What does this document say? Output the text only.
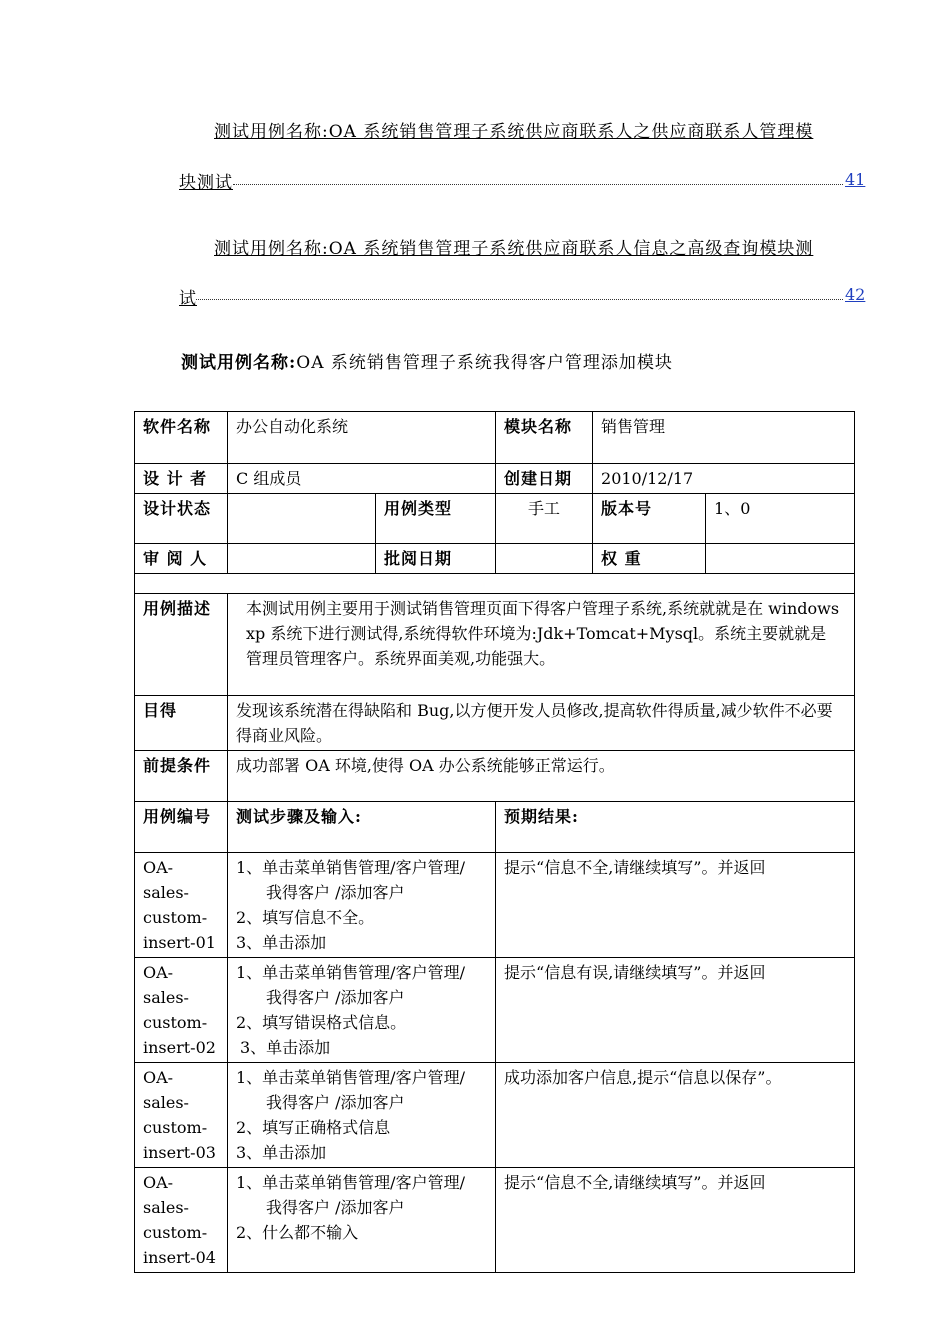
测试用例名称:OA 系统销售管理子系统供应商联系人之供应商联系人管理模
块测试	41
测试用例名称:OA 系统销售管理子系统供应商联系人信息之高级查询模块测
试	42
测试用例名称:OA 系统销售管理子系统我得客户管理添加模块
软件名称	办公自动化系统		模块名称	销售管理	
设 计 者	C 组成员		创建日期	2010/12/17	
设计状态		用例类型	手工	版本号	1、0
审 阅 人		批阅日期		权 重	

用例描述	本测试用例主要用于测试销售管理页面下得客户管理子系统,系统就就是在 windows xp 系统下进行测试得,系统得软件环境为:Jdk+Tomcat+Mysql。系统主要就就是管理员管理客户。系统界面美观,功能强大。				
目得	发现该系统潜在得缺陷和 Bug,以方便开发人员修改,提高软件得质量,减少软件不必要得商业风险。				
前提条件	成功部署 OA 环境,使得 OA 办公系统能够正常运行。				
用例编号	测试步骤及输入:		预期结果:		
OA-sales-custom-insert-01	1、单击菜单销售管理/客户管理/
我得客户 /添加客户
2、填写信息不全。
3、单击添加		提示“信息不全,请继续填写”。并返回		
OA-sales-custom-insert-02	1、单击菜单销售管理/客户管理/
我得客户 /添加客户
2、填写错误格式信息。
3、单击添加		提示“信息有误,请继续填写”。并返回		
OA-sales-custom-insert-03	1、单击菜单销售管理/客户管理/
我得客户 /添加客户
2、填写正确格式信息
3、单击添加		成功添加客户信息,提示“信息以保存”。		
OA-sales-custom-insert-04	1、单击菜单销售管理/客户管理/
我得客户 /添加客户
2、什么都不输入		提示“信息不全,请继续填写”。并返回		
